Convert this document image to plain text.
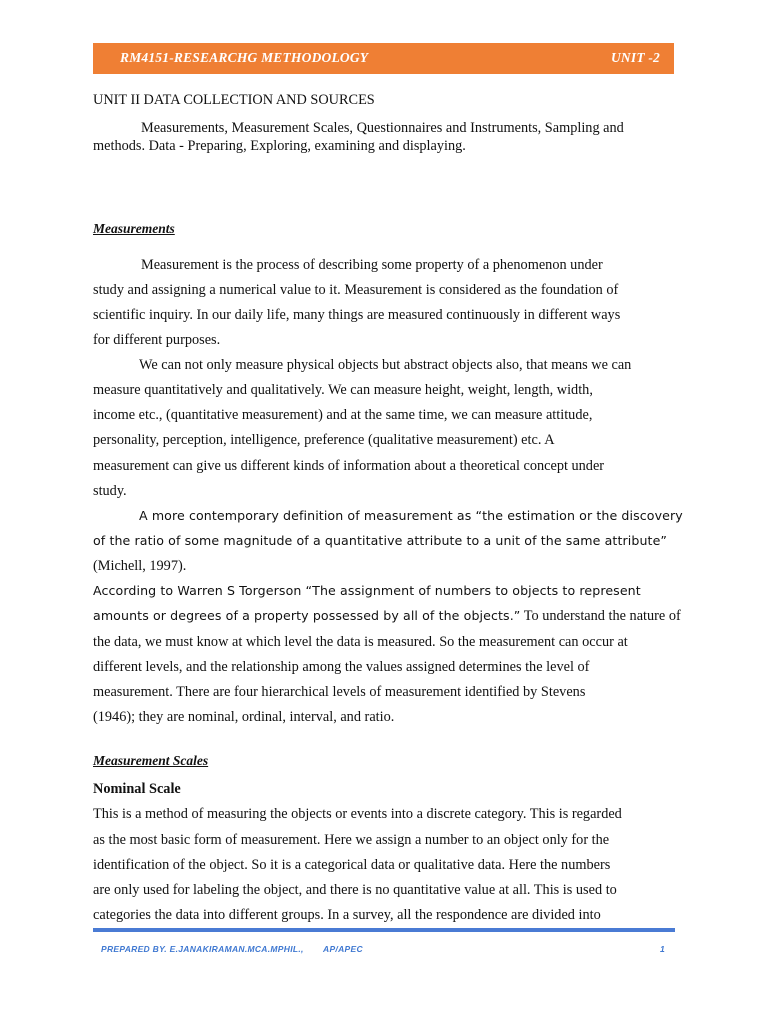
RM4151-RESEARCHG METHODOLOGY	UNIT -2
UNIT II DATA COLLECTION AND SOURCES
Measurements, Measurement Scales, Questionnaires and Instruments, Sampling and
methods. Data - Preparing, Exploring, examining and displaying.
Measurements
Measurement is the process of describing some property of a phenomenon under
study and assigning a numerical value to it. Measurement is considered as the foundation of
scientific inquiry. In our daily life, many things are measured continuously in different ways
for different purposes.
We can not only measure physical objects but abstract objects also, that means we can
measure quantitatively and qualitatively. We can measure height, weight, length, width,
income etc., (quantitative measurement) and at the same time, we can measure attitude,
personality, perception, intelligence, preference (qualitative measurement) etc. A
measurement can give us different kinds of information about a theoretical concept under
study.
A more contemporary definition of measurement as “the estimation or the discovery
of the ratio of some magnitude of a quantitative attribute to a unit of the same attribute”
(Michell, 1997).
According to Warren S Torgerson “The assignment of numbers to objects to represent
amounts or degrees of a property possessed by all of the objects.” To understand the nature of
the data, we must know at which level the data is measured. So the measurement can occur at
different levels, and the relationship among the values assigned determines the level of
measurement. There are four hierarchical levels of measurement identified by Stevens
(1946); they are nominal, ordinal, interval, and ratio.
Measurement Scales
Nominal Scale
This is a method of measuring the objects or events into a discrete category. This is regarded
as the most basic form of measurement. Here we assign a number to an object only for the
identification of the object. So it is a categorical data or qualitative data. Here the numbers
are only used for labeling the object, and there is no quantitative value at all. This is used to
categories the data into different groups. In a survey, all the respondence are divided into
PREPARED BY. E.JANAKIRAMAN.MCA.MPHIL., AP/APEC	1
